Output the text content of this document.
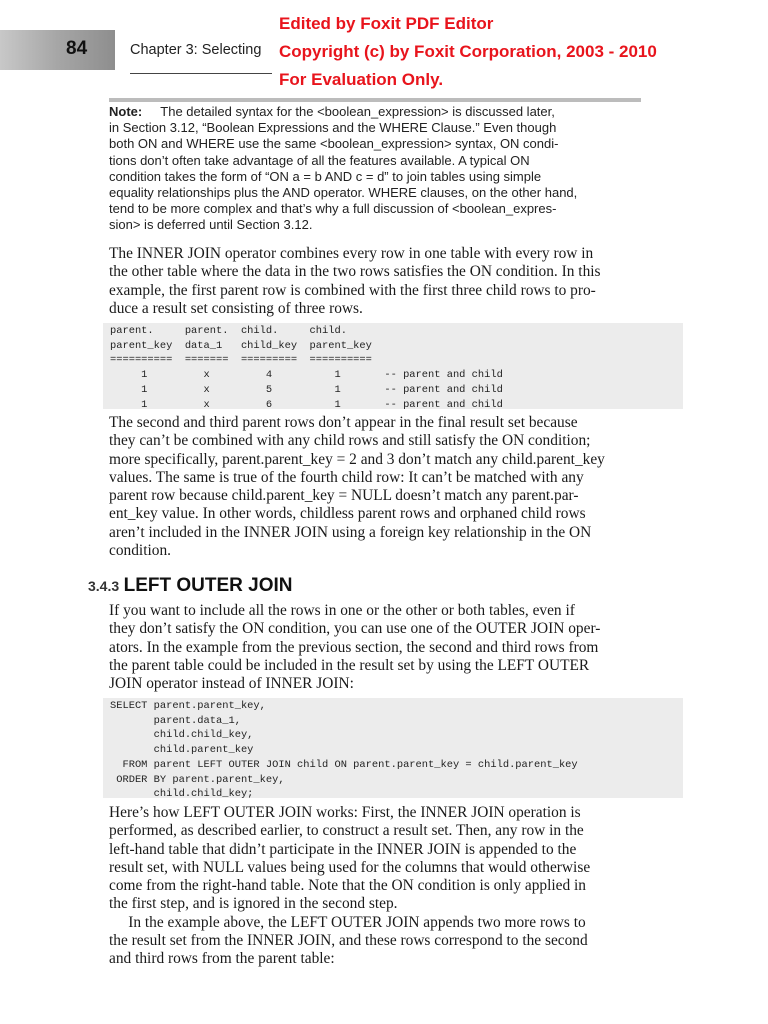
84	Chapter 3: Selecting
Edited by Foxit PDF Editor
Copyright (c) by Foxit Corporation, 2003 - 2010
For Evaluation Only.

Note: The detailed syntax for the <boolean_expression> is discussed later,

in Section 3.12, “Boolean Expressions and the WHERE Clause.” Even though

both ON and WHERE use the same <boolean_expression> syntax, ON condi-

tions don’t often take advantage of all the features available. A typical ON

condition takes the form of “ON a = b AND c = d” to join tables using simple

equality relationships plus the AND operator. WHERE clauses, on the other hand,

tend to be more complex and that’s why a full discussion of <boolean_expres-

sion> is deferred until Section 3.12.

The INNER JOIN operator combines every row in one table with every row in

the other table where the data in the two rows satisfies the ON condition. In this

example, the first parent row is combined with the first three child rows to pro-

duce a result set consisting of three rows.

parent.     parent.  child.     child.
parent_key  data_1   child_key  parent_key
==========  =======  =========  ==========
1         x         4          1       -- parent and child
1         x         5          1       -- parent and child
1         x         6          1       -- parent and child

The second and third parent rows don’t appear in the final result set because

they can’t be combined with any child rows and still satisfy the ON condition;

more specifically, parent.parent_key = 2 and 3 don’t match any child.parent_key

values. The same is true of the fourth child row: It can’t be matched with any

parent row because child.parent_key = NULL doesn’t match any parent.par-

ent_key value. In other words, childless parent rows and orphaned child rows

aren’t included in the INNER JOIN using a foreign key relationship in the ON

condition.

3.4.3 LEFT OUTER JOIN

If you want to include all the rows in one or the other or both tables, even if

they don’t satisfy the ON condition, you can use one of the OUTER JOIN oper-

ators. In the example from the previous section, the second and third rows from

the parent table could be included in the result set by using the LEFT OUTER

JOIN operator instead of INNER JOIN:

SELECT parent.parent_key,
parent.data_1,
child.child_key,
child.parent_key
FROM parent LEFT OUTER JOIN child ON parent.parent_key = child.parent_key
ORDER BY parent.parent_key,
child.child_key;

Here’s how LEFT OUTER JOIN works: First, the INNER JOIN operation is

performed, as described earlier, to construct a result set. Then, any row in the

left-hand table that didn’t participate in the INNER JOIN is appended to the

result set, with NULL values being used for the columns that would otherwise

come from the right-hand table. Note that the ON condition is only applied in

the first step, and is ignored in the second step.

In the example above, the LEFT OUTER JOIN appends two more rows to

the result set from the INNER JOIN, and these rows correspond to the second

and third rows from the parent table:
